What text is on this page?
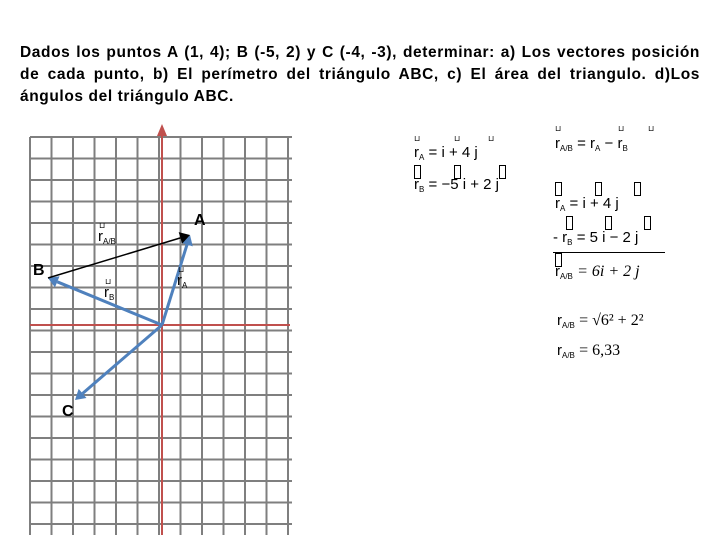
Dados los puntos A (1, 4); B (-5, 2) y C (-4, -3), determinar: a) Los vectores posición de cada punto, b) El perímetro del triángulo ABC, c) El área del triangulo. d)Los ángulos del triángulo ABC.

A
B
C
⊔
$r_{A/B}$
⊔
$r_B$
⊔
$r_A$
⊔	⊔	⊔
$r_A = i + 4$ j
$r_B = -5$ i + 2 j
⊔	⊔	⊔
$r_{A/B} = r_A - r_B$
$r_A = i + 4$ j
- $r_B = 5$ i − 2 j
$r_{A/B} = 6i + 2$ j
$r_{A/B} = √6^2 + 2^2$
$r_{A/B} = 6,33$
